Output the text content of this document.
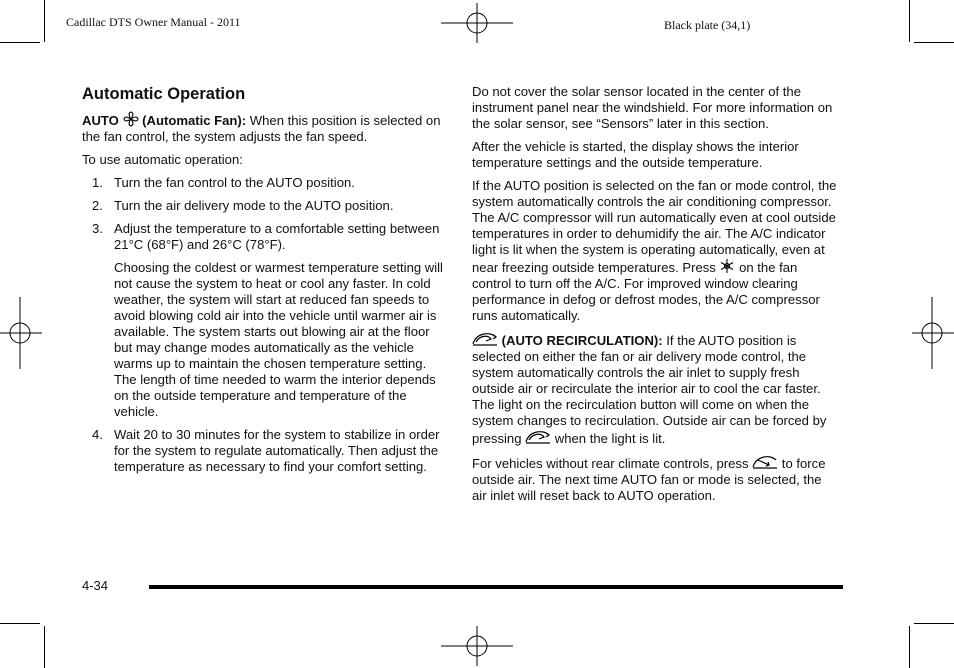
Cadillac DTS Owner Manual - 2011	Black plate (34,1)
Automatic Operation

AUTO (Automatic Fan): When this position is selected on the fan control, the system adjusts the fan speed.

To use automatic operation:

1. Turn the fan control to the AUTO position.
2. Turn the air delivery mode to the AUTO position.
3. Adjust the temperature to a comfortable setting between 21°C (68°F) and 26°C (78°F).

Choosing the coldest or warmest temperature setting will not cause the system to heat or cool any faster. In cold weather, the system will start at reduced fan speeds to avoid blowing cold air into the vehicle until warmer air is available. The system starts out blowing air at the floor but may change modes automatically as the vehicle warms up to maintain the chosen temperature setting. The length of time needed to warm the interior depends on the outside temperature and temperature of the vehicle.

4. Wait 20 to 30 minutes for the system to stabilize in order for the system to regulate automatically. Then adjust the temperature as necessary to find your comfort setting.

Do not cover the solar sensor located in the center of the instrument panel near the windshield. For more information on the solar sensor, see “Sensors” later in this section.

After the vehicle is started, the display shows the interior temperature settings and the outside temperature.

If the AUTO position is selected on the fan or mode control, the system automatically controls the air conditioning compressor. The A/C compressor will run automatically even at cool outside temperatures in order to dehumidify the air. The A/C indicator light is lit when the system is operating automatically, even at near freezing outside temperatures. Press  on the fan control to turn off the A/C. For improved window clearing performance in defog or defrost modes, the A/C compressor runs automatically.

(AUTO RECIRCULATION): If the AUTO position is selected on either the fan or air delivery mode control, the system automatically controls the air inlet to supply fresh outside air or recirculate the interior air to cool the car faster. The light on the recirculation button will come on when the system changes to recirculation. Outside air can be forced by pressing  when the light is lit.

For vehicles without rear climate controls, press  to force outside air. The next time AUTO fan or mode is selected, the air inlet will reset back to AUTO operation.

4-34
